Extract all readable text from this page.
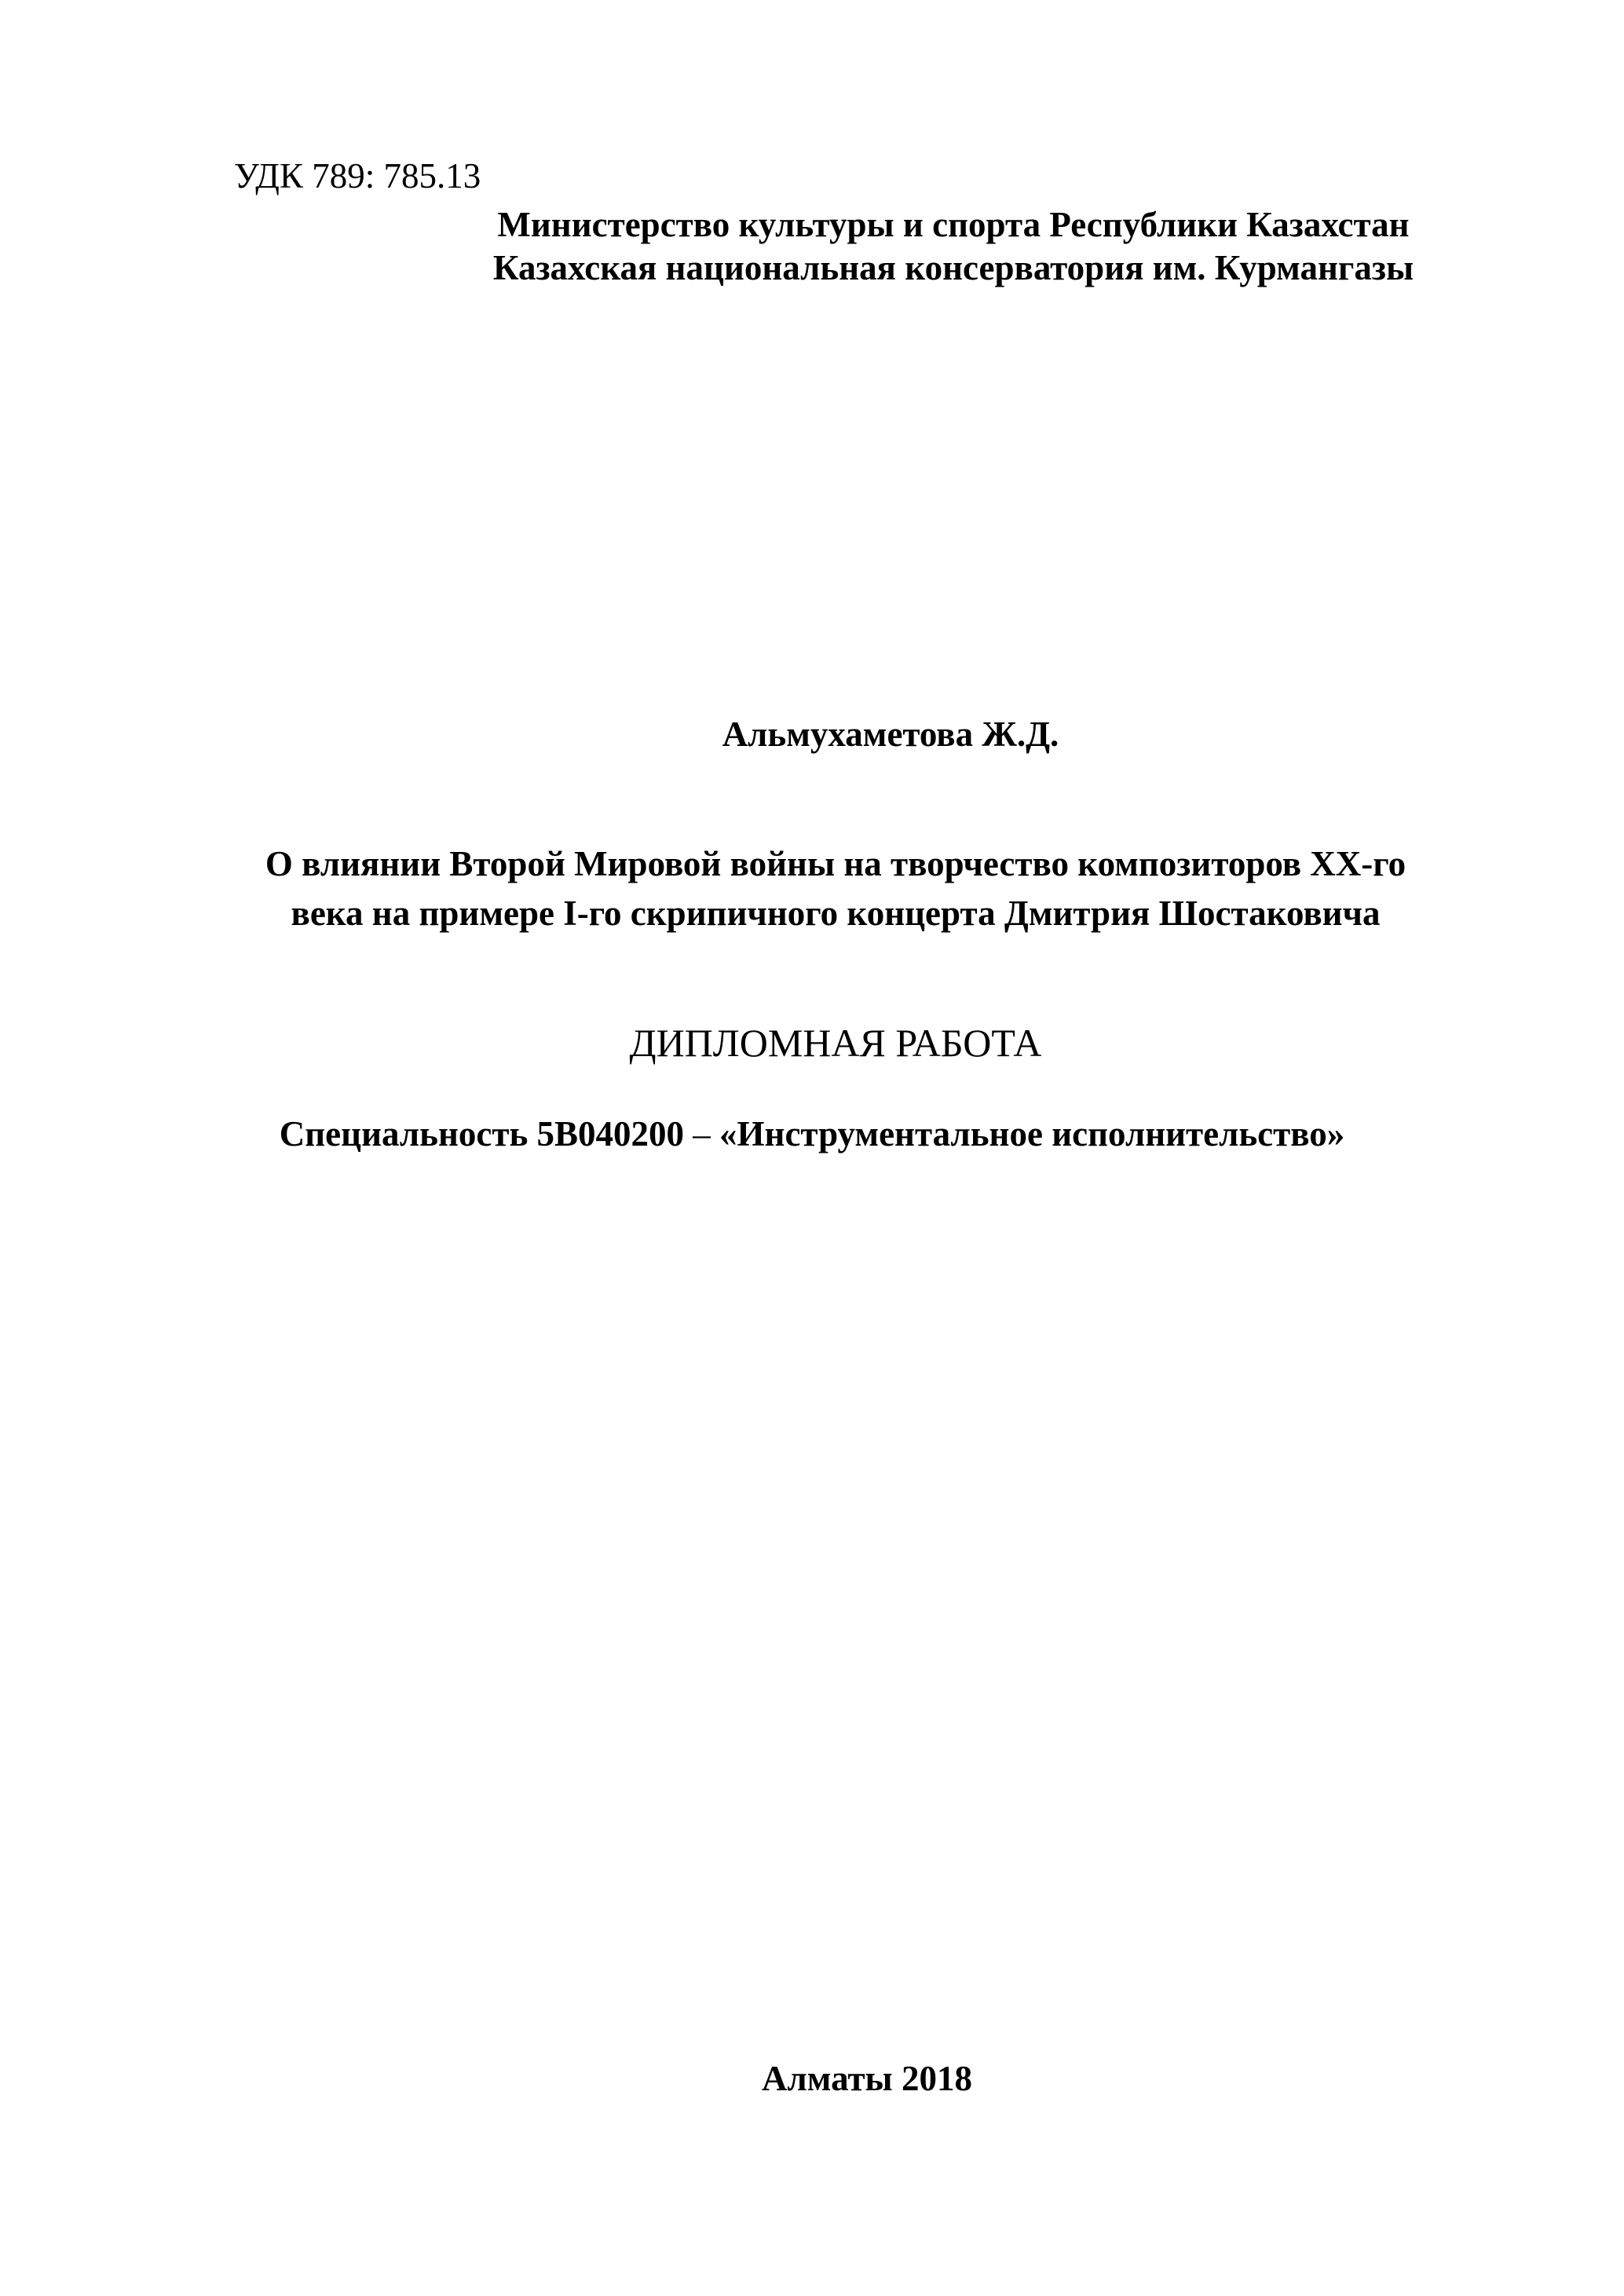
УДК 789: 785.13
Министерство культуры и спорта Республики Казахстан
Казахская национальная консерватория им. Курмангазы
Альмухаметова Ж.Д.
О влиянии Второй Мировой войны на творчество композиторов XX-го
века на примере I-го скрипичного концерта Дмитрия Шостаковича
ДИПЛОМНАЯ РАБОТА
Специальность 5В040200 – «Инструментальное исполнительство»
Алматы 2018
